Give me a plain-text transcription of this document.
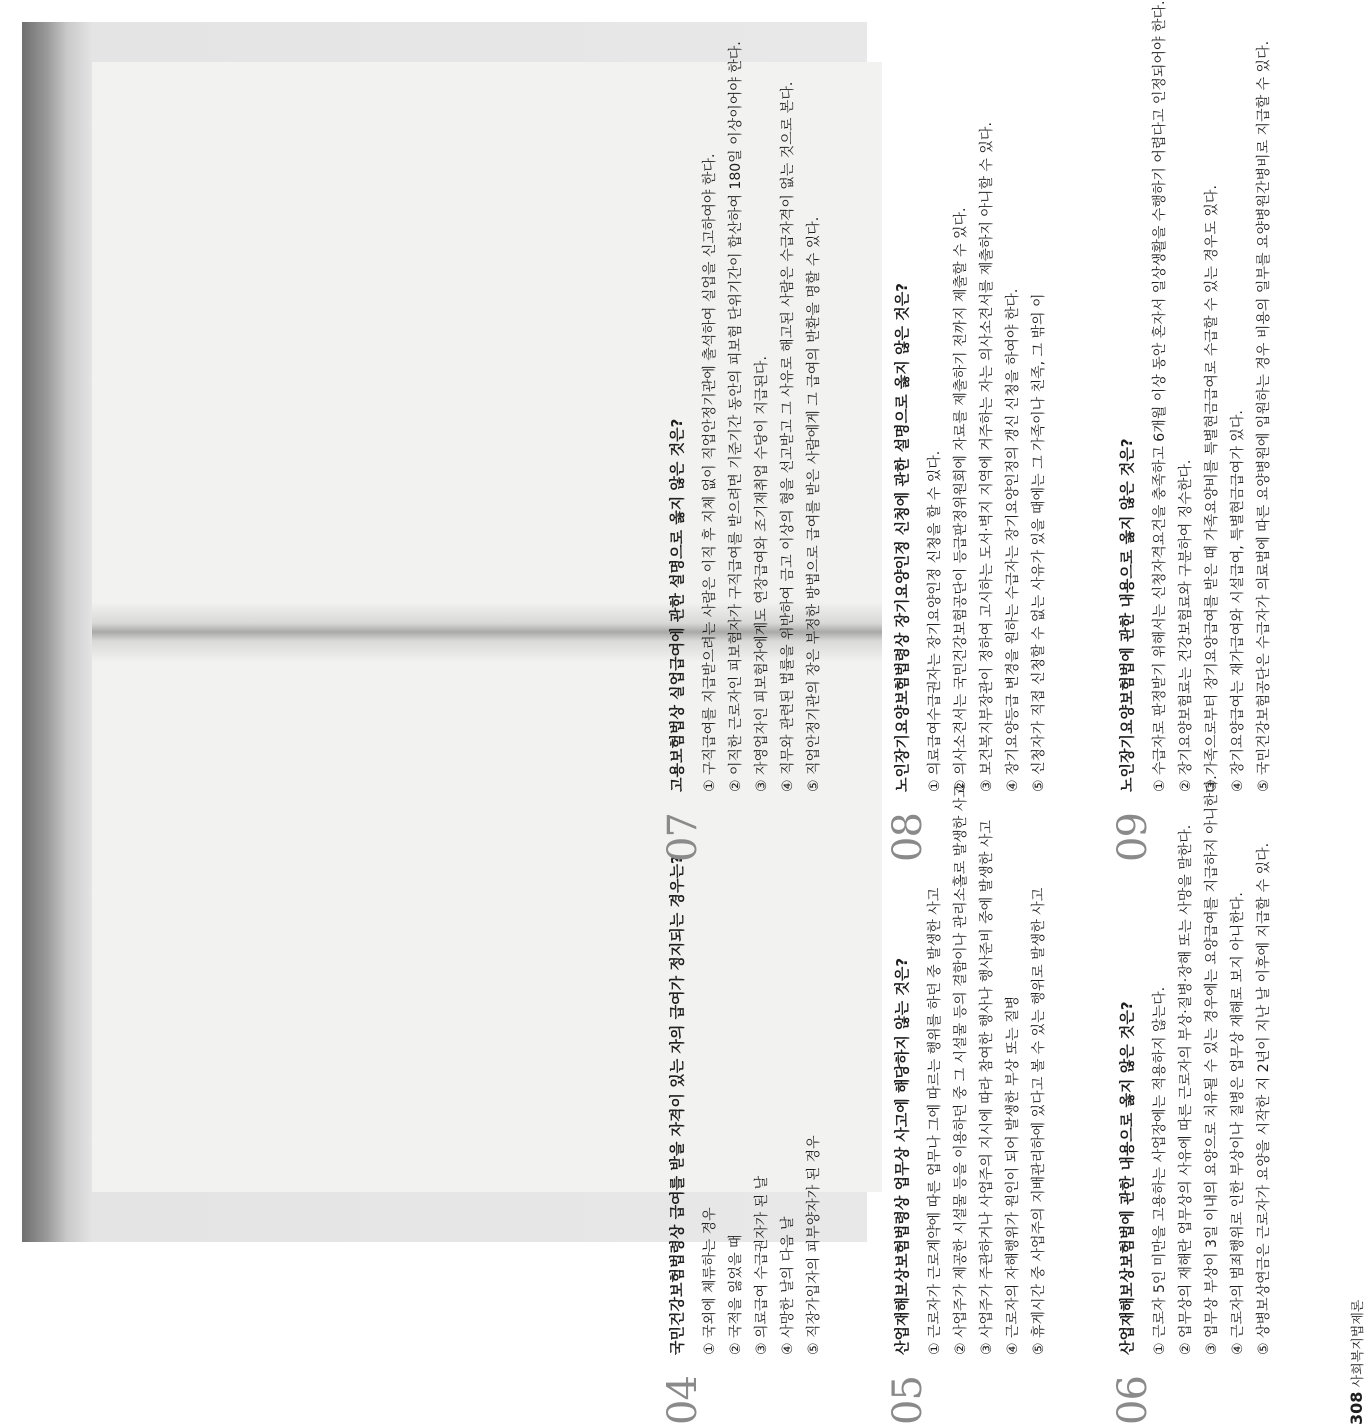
04

국민건강보험법령상 급여를 받을 자격이 있는 자의 급여가 정지되는 경우는?	① 국외에 체류하는 경우 ② 국적을 잃었을 때 ③ 의료급여 수급권자가 된 날 ④ 사망한 날의 다음 날 ⑤ 직장가입자의 피부양자가 된 경우

05

산업재해보상보험법령상 업무상 사고에 해당하지 않는 것은?	① 근로자가 근로계약에 따른 업무나 그에 따르는 행위를 하던 중 발생한 사고 ② 사업주가 제공한 시설물 등을 이용하던 중 그 시설물 등의 결함이나 관리소홀로 발생한 사고 ③ 사업주가 주관하거나 사업주의 지시에 따라 참여한 행사나 행사준비 중에 발생한 사고 ④ 근로자의 자해행위가 원인이 되어 발생한 부상 또는 질병 ⑤ 휴게시간 중 사업주의 지배관리하에 있다고 볼 수 있는 행위로 발생한 사고

06

산업재해보상보험법에 관한 내용으로 옳지 않은 것은?	① 근로자 5인 미만을 고용하는 사업장에는 적용하지 않는다. ② 업무상의 재해란 업무상의 사유에 따른 근로자의 부상·질병·장해 또는 사망을 말한다. ③ 업무상 부상이 3일 이내의 요양으로 치유될 수 있는 경우에는 요양급여를 지급하지 아니한다. ④ 근로자의 범죄행위로 인한 부상이나 질병은 업무상 재해로 보지 아니한다. ⑤ 상병보상연금은 근로자가 요양을 시작한 지 2년이 지난 날 이후에 지급할 수 있다.

308 사회복지법제론
07

고용보험법상 실업급여에 관한 설명으로 옳지 않은 것은?	① 구직급여를 지급받으려는 사람은 이직 후 지체 없이 직업안정기관에 출석하여 실업을 신고하여야 한다. ② 이직한 근로자인 피보험자가 구직급여를 받으려면 기준기간 동안의 피보험 단위기간이 합산하여 180일 이상이어야 한다. ③ 자영업자인 피보험자에게도 연장급여와 조기재취업 수당이 지급된다. ④ 직무와 관련된 법률을 위반하여 금고 이상의 형을 선고받고 그 사유로 해고된 사람은 수급자격이 없는 것으로 본다. ⑤ 직업안정기관의 장은 부정한 방법으로 급여를 받은 사람에게 그 급여의 반환을 명할 수 있다.

08

노인장기요양보험법령상 장기요양인정 신청에 관한 설명으로 옳지 않은 것은?	① 의료급여수급권자는 장기요양인정 신청을 할 수 있다. ② 의사소견서는 국민건강보험공단이 등급판정위원회에 자료를 제출하기 전까지 제출할 수 있다. ③ 보건복지부장관이 정하여 고시하는 도서·벽지 지역에 거주하는 자는 의사소견서를 제출하지 아니할 수 있다. ④ 장기요양등급 변경을 원하는 수급자는 장기요양인정의 갱신 신청을 하여야 한다. ⑤ 신청자가 직접 신청할 수 없는 사유가 있을 때에는 그 가족이나 친족, 그 밖의 이

09

노인장기요양보험법에 관한 내용으로 옳지 않은 것은?	① 수급자로 판정받기 위해서는 신청자격요건을 충족하고 6개월 이상 동안 혼자서 일상생활을 수행하기 어렵다고 인정되어야 한다. ② 장기요양보험료는 건강보험료와 구분하여 징수한다. ③ 가족으로부터 장기요양급여를 받은 때 가족요양비를 특별현금급여로 수급할 수 있는 경우도 있다. ④ 장기요양급여는 재가급여와 시설급여, 특별현금급여가 있다. ⑤ 국민건강보험공단은 수급자가 의료법에 따른 요양병원에 입원하는 경우 비용의 일부를 요양병원간병비로 지급할 수 있다.
